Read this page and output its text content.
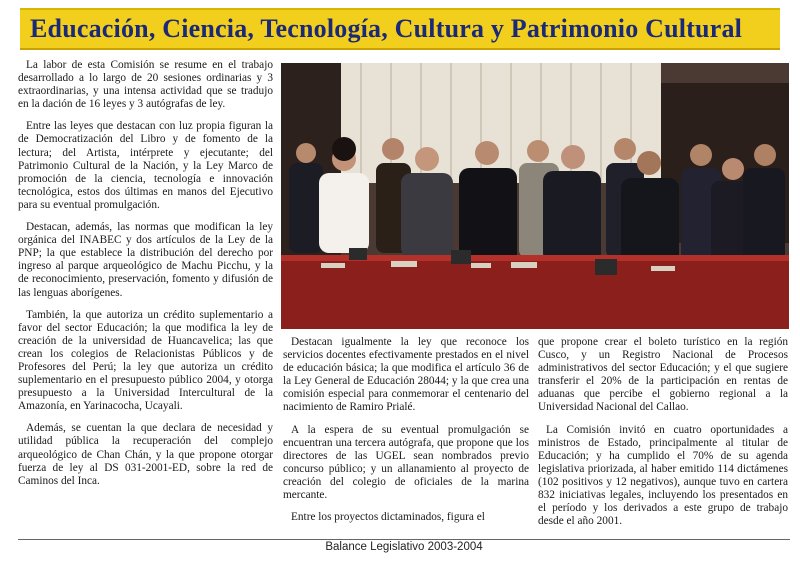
Educación, Ciencia, Tecnología, Cultura y Patrimonio Cultural

La labor de esta Comisión se resume en el trabajo desarrollado a lo largo de 20 sesiones ordinarias y 3 extraordinarias, y una intensa actividad que se tradujo en la dación de 16 leyes y 3 autógrafas de ley.

Entre las leyes que destacan con luz propia figuran la de Democratización del Libro y de fomento de la lectura; del Artista, intérprete y ejecutante; del Patrimonio Cultural de la Nación, y la Ley Marco de promoción de la ciencia, tecnología e innovación tecnológica, estos dos últimas en manos del Ejecutivo para su eventual promulgación.

Destacan, además, las normas que modifican la ley orgánica del INABEC y dos artículos de la Ley de la PNP; la que establece la distribución del derecho por ingreso al parque arqueológico de Machu Picchu, y la de reconocimiento, preservación, fomento y difusión de las lenguas aborígenes.

También, la que autoriza un crédito suplementario a favor del sector Educación; la que modifica la ley de creación de la universidad de Huancavelica; las que crean los colegios de Relacionistas Públicos y de Profesores del Perú; la ley que autoriza un crédito suplementario en el presupuesto público 2004, y otorga presupuesto a la Universidad Intercultural de la Amazonía, en Yarinacocha, Ucayali.

Además, se cuentan la que declara de necesidad y utilidad pública la recuperación del complejo arqueológico de Chan Chán, y la que propone otorgar fuerza de ley al DS 031-2001-ED, sobre la red de Caminos del Inca.

Destacan igualmente la ley que reconoce los servicios docentes efectivamente prestados en el nivel de educación básica; la que modifica el artículo 36 de la Ley General de Educación 28044; y la que crea una comisión especial para conmemorar el centenario del nacimiento de Ramiro Prialé.

A la espera de su eventual promulgación se encuentran una tercera autógrafa, que propone que los directores de las UGEL sean nombrados previo concurso público; y un allanamiento al proyecto de creación del colegio de oficiales de la marina mercante.

Entre los proyectos dictaminados, figura el

que propone crear el boleto turístico en la región Cusco, y un Registro Nacional de Procesos administrativos del sector Educación; y el que sugiere transferir el 20% de la participación en rentas de aduanas que percibe el gobierno regional a la Universidad Nacional del Callao.

La Comisión invitó en cuatro oportunidades a ministros de Estado, principalmente al titular de Educación; y ha cumplido el 70% de su agenda legislativa priorizada, al haber emitido 114 dictámenes (102 positivos y 12 negativos), aunque tuvo en cartera 832 iniciativas legales, incluyendo los presentados en el período y los derivados a este grupo de trabajo desde el año 2001.

Balance Legislativo 2003-2004
